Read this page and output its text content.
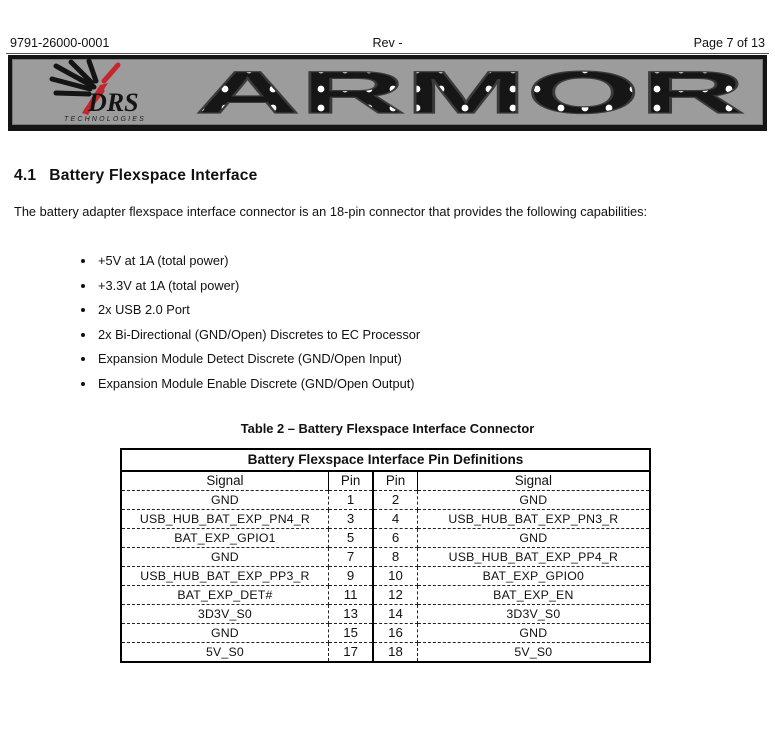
9791-26000-0001	Rev -	Page 7 of 13
DRS
TECHNOLOGIES ARMOR
4.1 Battery Flexspace Interface

The battery adapter flexspace interface connector is an 18-pin connector that provides the following capabilities:

• +5V at 1A (total power)
• +3.3V at 1A (total power)
• 2x USB 2.0 Port
• 2x Bi-Directional (GND/Open) Discretes to EC Processor
• Expansion Module Detect Discrete (GND/Open Input)
• Expansion Module Enable Discrete (GND/Open Output)
Table 2 – Battery Flexspace Interface Connector
Battery Flexspace Interface Pin Definitions			
Signal	Pin	Pin	Signal
GND	1	2	GND
USB_HUB_BAT_EXP_PN4_R	3	4	USB_HUB_BAT_EXP_PN3_R
BAT_EXP_GPIO1	5	6	GND
GND	7	8	USB_HUB_BAT_EXP_PP4_R
USB_HUB_BAT_EXP_PP3_R	9	10	BAT_EXP_GPIO0
BAT_EXP_DET#	11	12	BAT_EXP_EN
3D3V_S0	13	14	3D3V_S0
GND	15	16	GND
5V_S0	17	18	5V_S0
